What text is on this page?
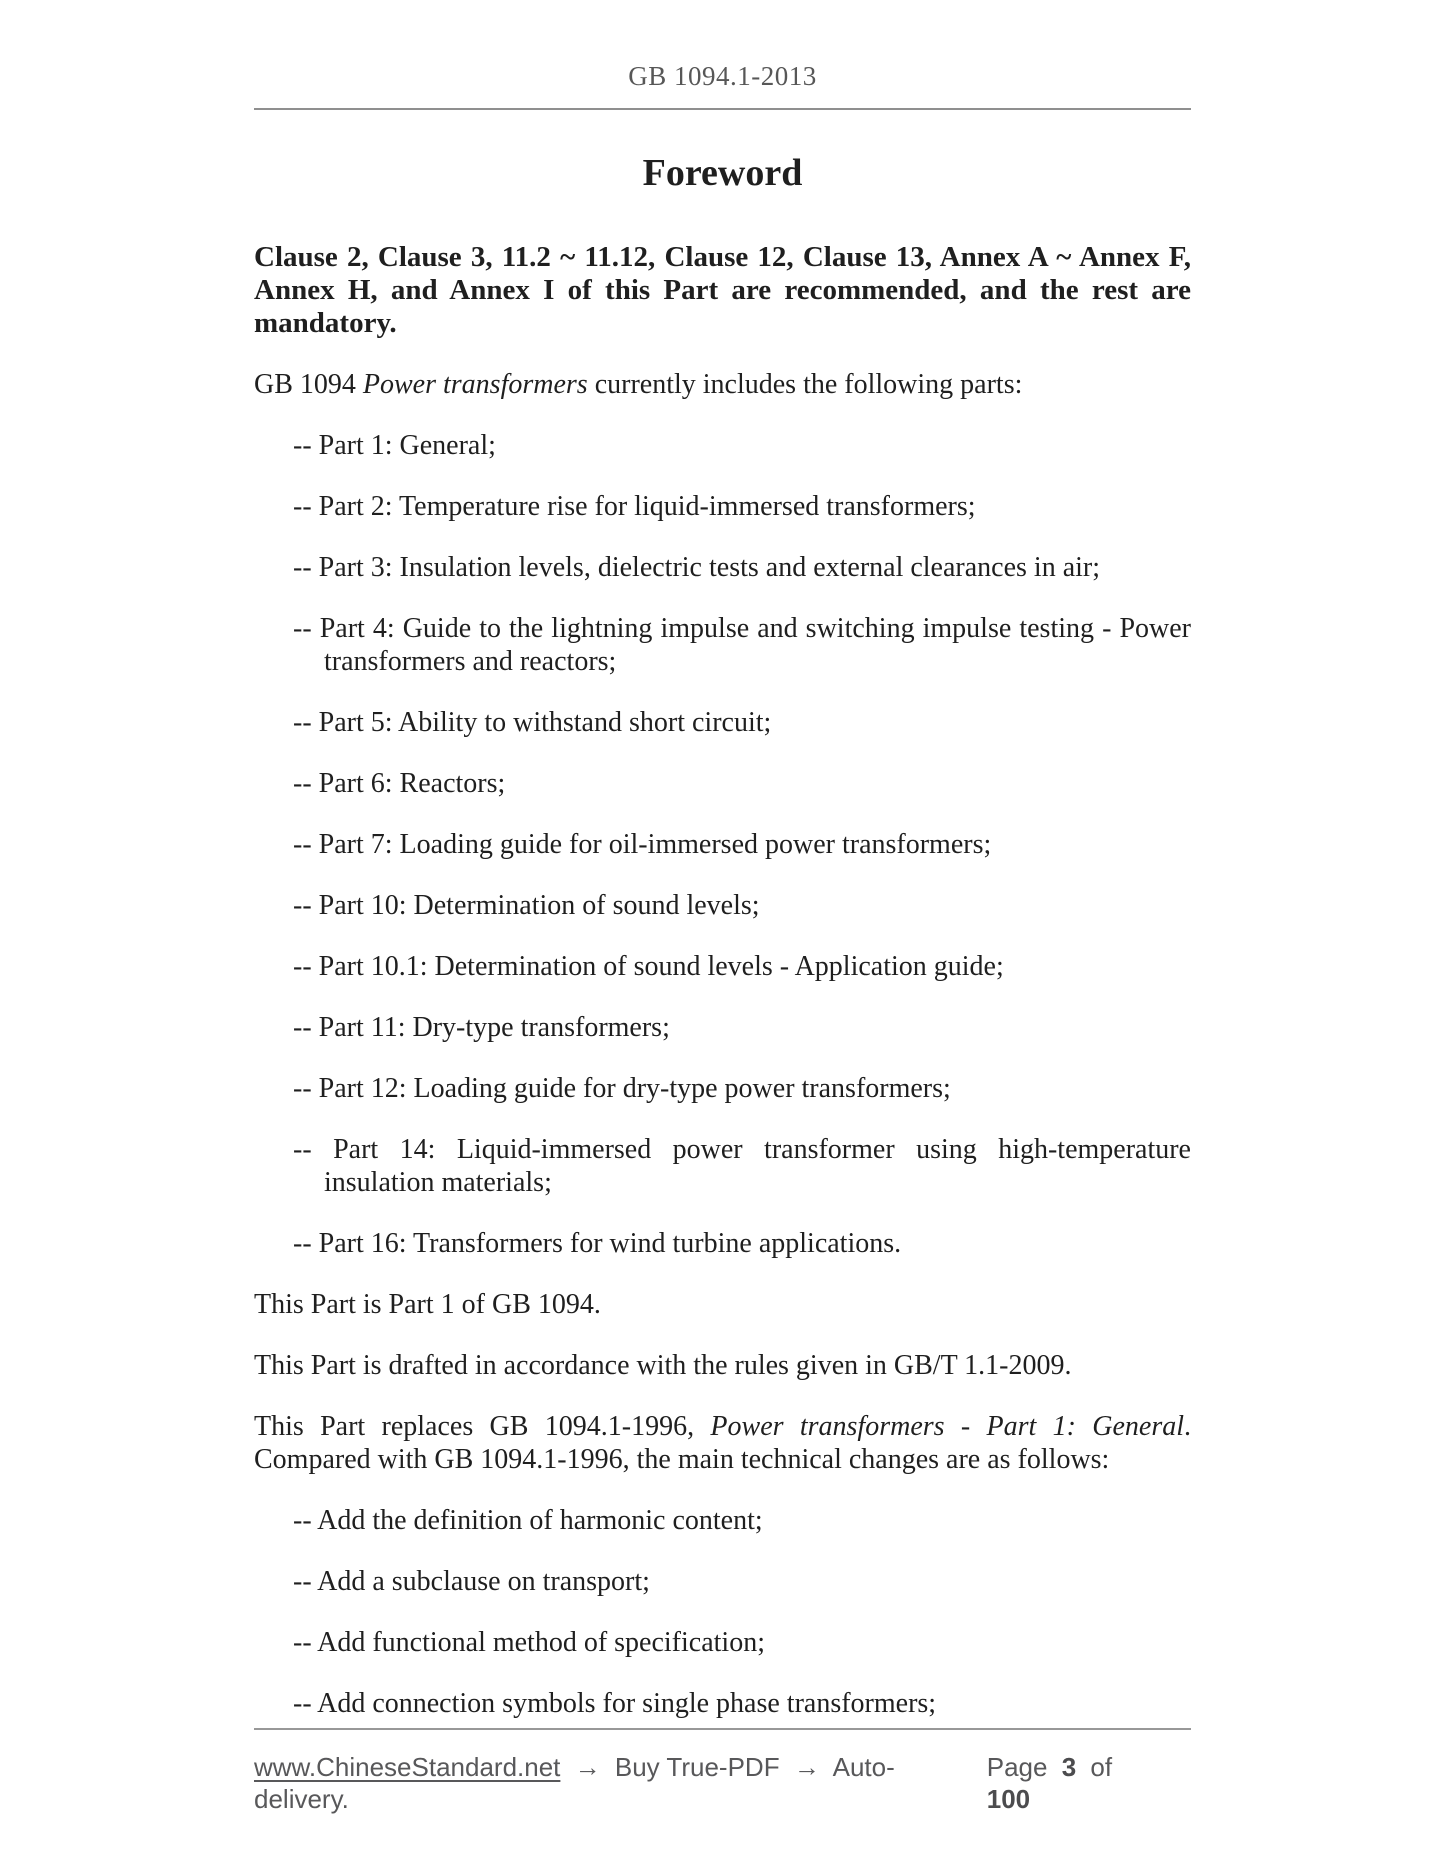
GB 1094.1-2013
Foreword

Clause 2, Clause 3, 11.2 ~ 11.12, Clause 12, Clause 13, Annex A ~ Annex F, Annex H, and Annex I of this Part are recommended, and the rest are mandatory.

GB 1094 Power transformers currently includes the following parts:

-- Part 1: General;

-- Part 2: Temperature rise for liquid-immersed transformers;

-- Part 3: Insulation levels, dielectric tests and external clearances in air;

-- Part 4: Guide to the lightning impulse and switching impulse testing - Power transformers and reactors;

-- Part 5: Ability to withstand short circuit;

-- Part 6: Reactors;

-- Part 7: Loading guide for oil-immersed power transformers;

-- Part 10: Determination of sound levels;

-- Part 10.1: Determination of sound levels - Application guide;

-- Part 11: Dry-type transformers;

-- Part 12: Loading guide for dry-type power transformers;

-- Part 14: Liquid-immersed power transformer using high-temperature insulation materials;

-- Part 16: Transformers for wind turbine applications.

This Part is Part 1 of GB 1094.

This Part is drafted in accordance with the rules given in GB/T 1.1-2009.

This Part replaces GB 1094.1-1996, Power transformers - Part 1: General. Compared with GB 1094.1-1996, the main technical changes are as follows:

-- Add the definition of harmonic content;

-- Add a subclause on transport;

-- Add functional method of specification;

-- Add connection symbols for single phase transformers;

www.ChineseStandard.net → Buy True-PDF → Auto-delivery.
Page 3 of 100
